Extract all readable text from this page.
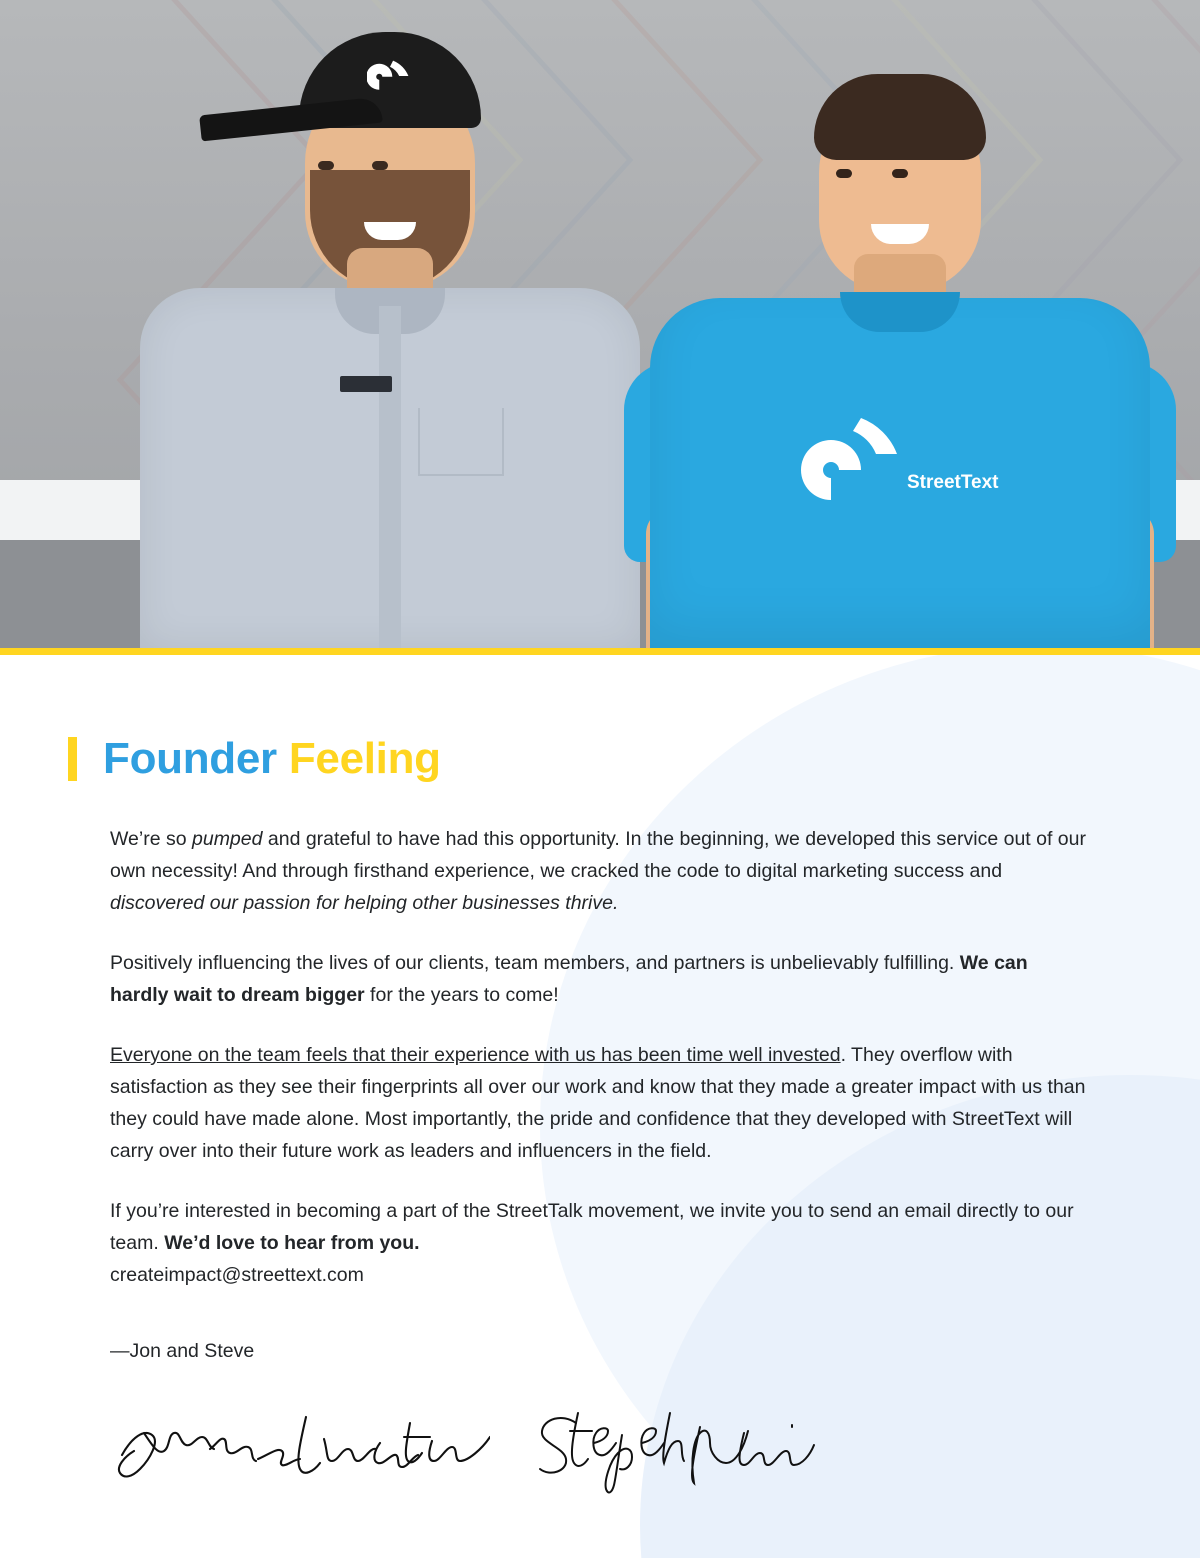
StreetText
Founder Feeling

We’re so pumped and grateful to have had this opportunity. In the beginning, we developed this service out of our own necessity! And through firsthand experience, we cracked the code to digital marketing success and discovered our passion for helping other businesses thrive.

Positively influencing the lives of our clients, team members, and partners is unbelievably fulfilling. We can hardly wait to dream bigger for the years to come!

Everyone on the team feels that their experience with us has been time well invested. They overflow with satisfaction as they see their fingerprints all over our work and know that they made a greater impact with us than they could have made alone. Most importantly, the pride and confidence that they developed with StreetText will carry over into their future work as leaders and influencers in the field.

If you’re interested in becoming a part of the StreetTalk movement, we invite you to send an email directly to our team. We’d love to hear from you.
createimpact@streettext.com

—Jon and Steve
